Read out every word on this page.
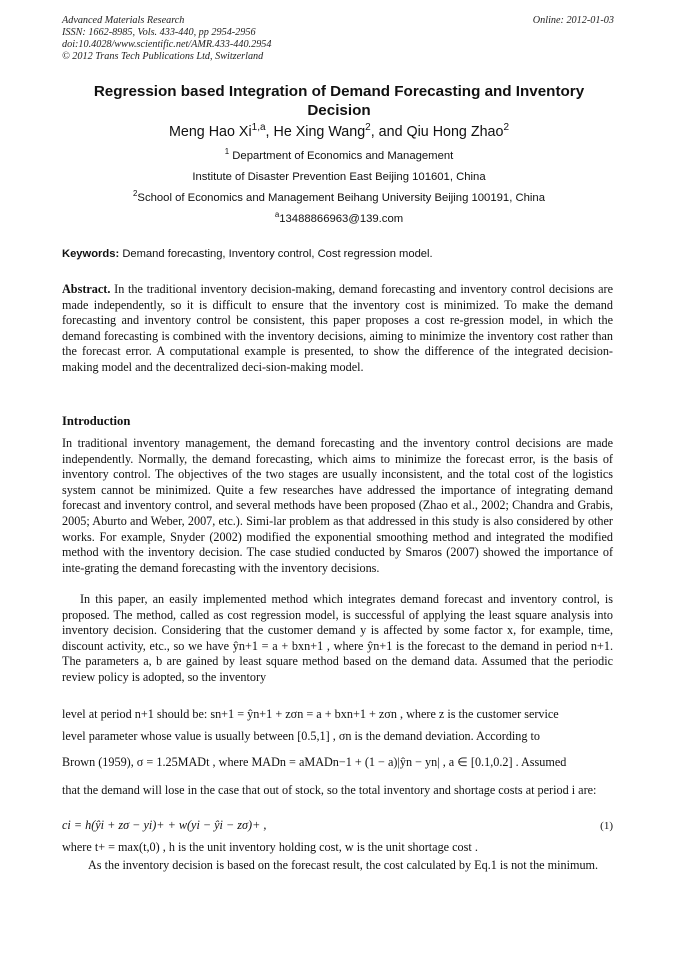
Advanced Materials Research
ISSN: 1662-8985, Vols. 433-440, pp 2954-2956
doi:10.4028/www.scientific.net/AMR.433-440.2954
© 2012 Trans Tech Publications Ltd, Switzerland
Online: 2012-01-03
Regression based Integration of Demand Forecasting and Inventory
Decision
Meng Hao Xi$^{1,a}$, He Xing Wang$^2$, and Qiu Hong Zhao$^2$
$^1$ Department of Economics and Management
Institute of Disaster Prevention East Beijing 101601, China
$^2$School of Economics and Management Beihang University Beijing 100191, China
$^a$13488866963@139.com
Keywords: Demand forecasting, Inventory control, Cost regression model.
Abstract. In the traditional inventory decision-making, demand forecasting and inventory control decisions are made independently, so it is difficult to ensure that the inventory cost is minimized. To make the demand forecasting and inventory control be consistent, this paper proposes a cost re-gression model, in which the demand forecasting is combined with the inventory decisions, aiming to minimize the inventory cost rather than the forecast error. A computational example is presented, to show the difference of the integrated decision-making model and the decentralized deci-sion-making model.
Introduction
In traditional inventory management, the demand forecasting and the inventory control decisions are made independently. Normally, the demand forecasting, which aims to minimize the forecast error, is the basis of inventory control. The objectives of the two stages are usually inconsistent, and the total cost of the logistics system cannot be minimized. Quite a few researches have addressed the importance of integrating demand forecast and inventory control, and several methods have been proposed (Zhao et al., 2002; Chandra and Grabis, 2005; Aburto and Weber, 2007, etc.). Simi-lar problem as that addressed in this study is also considered by other works. For example, Snyder (2002) modified the exponential smoothing method and integrated the modified method with the inventory decision. The case studied conducted by Smaros (2007) showed the importance of inte-grating the demand forecasting with the inventory decisions.
In this paper, an easily implemented method which integrates demand forecast and inventory control, is proposed. The method, called as cost regression model, is successful of applying the least square analysis into inventory decision. Considering that the customer demand y is affected by some factor x, for example, time, discount activity, etc., so we have ŷn+1 = a + bxn+1 , where ŷn+1 is the forecast to the demand in period n+1. The parameters a, b are gained by least square method based on the demand data. Assumed that the periodic review policy is adopted, so the inventory
level at period n+1 should be: sn+1 = ŷn+1 + zσn = a + bxn+1 + zσn , where z is the customer service
level parameter whose value is usually between [0.5,1] , σn is the demand deviation. According to
Brown (1959), σ = 1.25MADt , where MADn = aMADn−1 + (1 − a)|ŷn − yn| , a ∈ [0.1,0.2] . Assumed
that the demand will lose in the case that out of stock, so the total inventory and shortage costs at period i are:
ci = h(ŷi + zσ − yi)+ + w(yi − ŷi − zσ)+ ,	(1)
where t+ = max(t,0) , h is the unit inventory holding cost, w is the unit shortage cost .
As the inventory decision is based on the forecast result, the cost calculated by Eq.1 is not the minimum.
